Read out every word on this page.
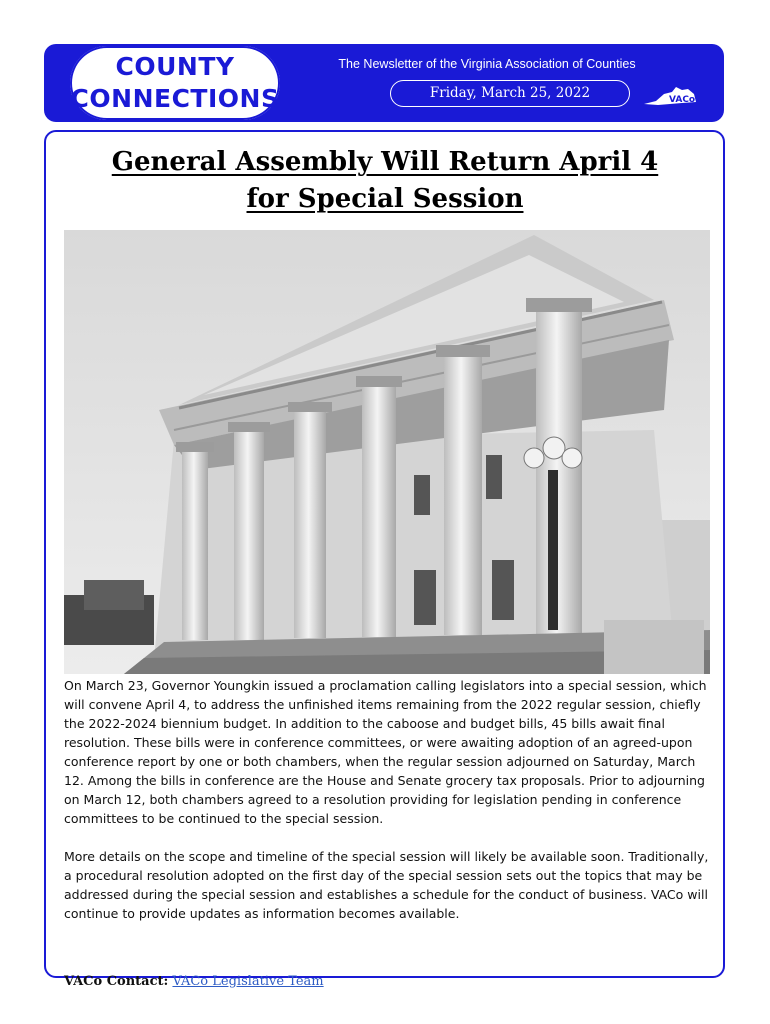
COUNTY
CONNECTIONS
The Newsletter of the Virginia Association of Counties
Friday, March 25, 2022	VACo
General Assembly Will Return April 4
for Special Session

On March 23, Governor Youngkin issued a proclamation calling legislators into a special session, which will convene April 4, to address the unfinished items remaining from the 2022 regular session, chiefly the 2022-2024 biennium budget. In addition to the caboose and budget bills, 45 bills await final resolution. These bills were in conference committees, or were awaiting adoption of an agreed-upon conference report by one or both chambers, when the regular session adjourned on Saturday, March 12. Among the bills in conference are the House and Senate grocery tax proposals. Prior to adjourning on March 12, both chambers agreed to a resolution providing for legislation pending in conference committees to be continued to the special session.

More details on the scope and timeline of the special session will likely be available soon. Traditionally, a procedural resolution adopted on the first day of the special session sets out the topics that may be addressed during the special session and establishes a schedule for the conduct of business. VACo will continue to provide updates as information becomes available.

VACo Contact: VACo Legislative Team
